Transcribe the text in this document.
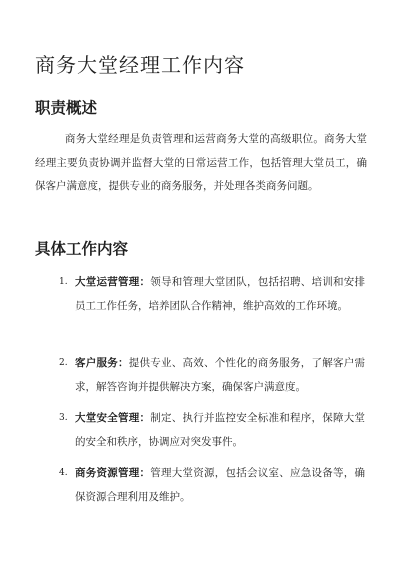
商务大堂经理工作内容
职责概述

商务大堂经理是负责管理和运营商务大堂的高级职位。商务大堂经理主要负责协调并监督大堂的日常运营工作，包括管理大堂员工，确保客户满意度，提供专业的商务服务，并处理各类商务问题。

具体工作内容
1. 大堂运营管理：领导和管理大堂团队，包括招聘、培训和安排员工工作任务，培养团队合作精神，维护高效的工作环境。

2. 客户服务：提供专业、高效、个性化的商务服务，了解客户需求，解答咨询并提供解决方案，确保客户满意度。

3. 大堂安全管理：制定、执行并监控安全标准和程序，保障大堂的安全和秩序，协调应对突发事件。

4. 商务资源管理：管理大堂资源，包括会议室、应急设备等，确保资源合理利用及维护。
